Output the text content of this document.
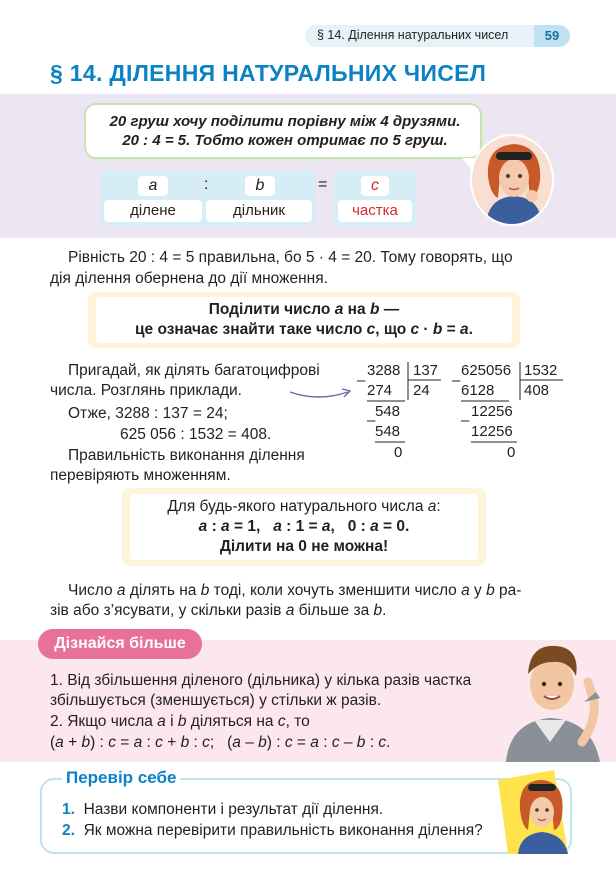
§ 14. Ділення натуральних чисел	59
§ 14. ДІЛЕННЯ НАТУРАЛЬНИХ ЧИСЕЛ
20 груш хочу поділити порівну між 4 друзями.
20 : 4 = 5. Тобто кожен отримає по 5 груш.
a	:	b	=	c
ділене	дільник	частка
Рівність 20 : 4 = 5 правильна, бо 5 · 4 = 20. Тому говорять, що
дія ділення обернена до дії множення.
Поділити число a на b —
це означає знайти таке число c, що c · b = a.
Пригадай, як ділять багатоцифрові
числа. Розглянь приклади.
Отже, 3288 : 137 = 24;
625 056 : 1532 = 408.
Правильність виконання ділення
перевіряють множенням.
–
3288 137
274 24
–
548
548
0
–
625056 1532
6128 408
–
12256
12256
0
Для будь-якого натурального числа a:
a : a = 1,   a : 1 = a,   0 : a = 0.
Ділити на 0 не можна!
Число a ділять на b тоді, коли хочуть зменшити число a у b ра-
зів або з’ясувати, у скільки разів a більше за b.
Дізнайся більше
1. Від збільшення діленого (дільника) у кілька разів частка
збільшується (зменшується) у стільки ж разів.
2. Якщо числа a і b діляться на c, то
(a + b) : c = a : c + b : c;   (a – b) : c = a : c – b : c.
Перевір себе
1. Назви компоненти і результат дії ділення.
2. Як можна перевірити правильність виконання ділення?
